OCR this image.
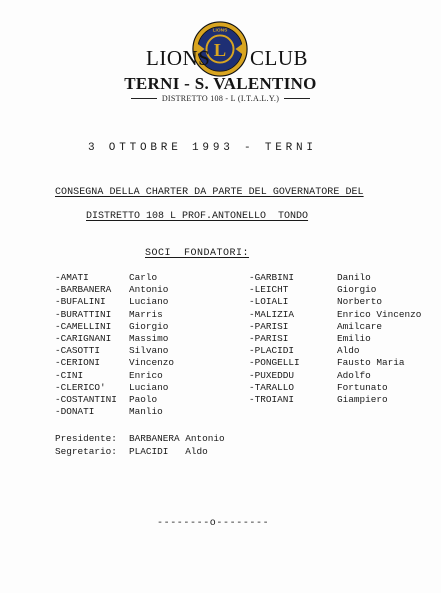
L
LIONS
LIONS CLUB
TERNI - S. VALENTINO
DISTRETTO 108 - L (I.T.A.L.Y.)
3 OTTOBRE 1993 - TERNI
CONSEGNA DELLA CHARTER DA PARTE DEL GOVERNATORE DEL
DISTRETTO 108 L PROF.ANTONELLO  TONDO
SOCI  FONDATORI:
-AMATI	Carlo
-BARBANERA Antonio
-BUFALINI Luciano
-BURATTINI Marris
-CAMELLINI Giorgio
-CARIGNANI Massimo
-CASOTTI	Silvano
-CERIONI	Vincenzo
-CINI	Enrico
-CLERICO' Luciano
-COSTANTINI Paolo
-DONATI	Manlio
-GARBINI	Danilo
-LEICHT	Giorgio
-LOIALI	Norberto
-MALIZIA	Enrico Vincenzo
-PARISI	Amilcare
-PARISI	Emilio
-PLACIDI	Aldo
-PONGELLI	Fausto Maria
-PUXEDDU	Adolfo
-TARALLO	Fortunato
-TROIANI	Giampiero

Presidente:

BARBANERA Antonio

Segretario:

PLACIDI   Aldo

--------o--------
